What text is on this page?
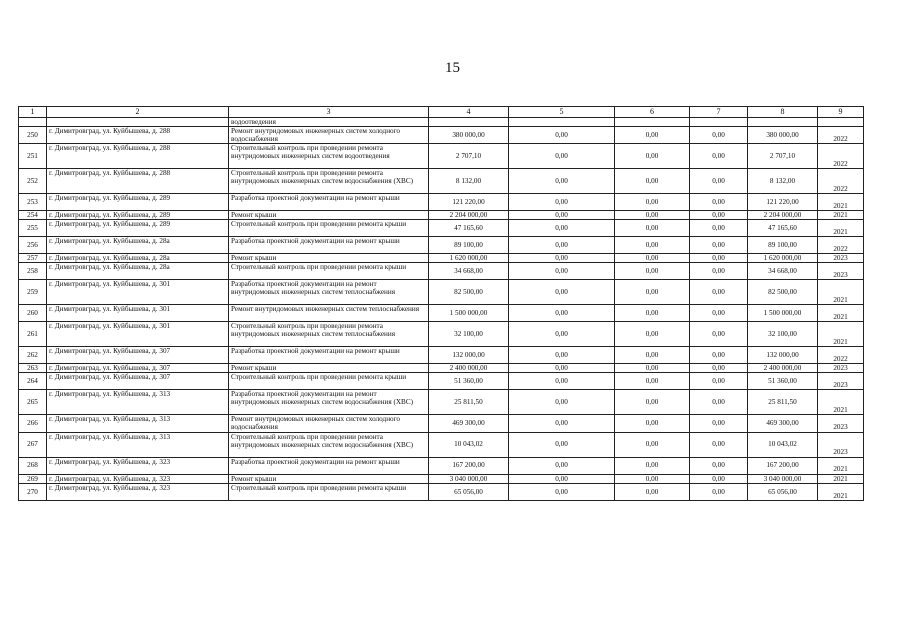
15
1	2	3	4	5	6	7	8	9
		водоотведения						
250	г. Димитровград, ул. Куйбышева, д. 288	Ремонт внутридомовых инженерных систем холодного водоснабжения	380 000,00	0,00	0,00	0,00	380 000,00	2022
251	г. Димитровград, ул. Куйбышева, д. 288	Строительный контроль при проведении ремонта внутридомовых инженерных систем водоотведения	2 707,10	0,00	0,00	0,00	2 707,10	2022
252	г. Димитровград, ул. Куйбышева, д. 288	Строительный контроль при проведении ремонта внутридомовых инженерных систем водоснабжения (ХВС)	8 132,00	0,00	0,00	0,00	8 132,00	2022
253	г. Димитровград, ул. Куйбышева, д. 289	Разработка проектной документации на ремонт крыши	121 220,00	0,00	0,00	0,00	121 220,00	2021
254	г. Димитровград, ул. Куйбышева, д. 289	Ремонт крыши	2 204 000,00	0,00	0,00	0,00	2 204 000,00	2021
255	г. Димитровград, ул. Куйбышева, д. 289	Строительный контроль при проведении ремонта крыши	47 165,60	0,00	0,00	0,00	47 165,60	2021
256	г. Димитровград, ул. Куйбышева, д. 28а	Разработка проектной документации на ремонт крыши	89 100,00	0,00	0,00	0,00	89 100,00	2022
257	г. Димитровград, ул. Куйбышева, д. 28а	Ремонт крыши	1 620 000,00	0,00	0,00	0,00	1 620 000,00	2023
258	г. Димитровград, ул. Куйбышева, д. 28а	Строительный контроль при проведении ремонта крыши	34 668,00	0,00	0,00	0,00	34 668,00	2023
259	г. Димитровград, ул. Куйбышева, д. 301	Разработка проектной документации на ремонт внутридомовых инженерных систем теплоснабжения	82 500,00	0,00	0,00	0,00	82 500,00	2021
260	г. Димитровград, ул. Куйбышева, д. 301	Ремонт внутридомовых инженерных систем теплоснабжения	1 500 000,00	0,00	0,00	0,00	1 500 000,00	2021
261	г. Димитровград, ул. Куйбышева, д. 301	Строительный контроль при проведении ремонта внутридомовых инженерных систем теплоснабжения	32 100,00	0,00	0,00	0,00	32 100,00	2021
262	г. Димитровград, ул. Куйбышева, д. 307	Разработка проектной документации на ремонт крыши	132 000,00	0,00	0,00	0,00	132 000,00	2022
263	г. Димитровград, ул. Куйбышева, д. 307	Ремонт крыши	2 400 000,00	0,00	0,00	0,00	2 400 000,00	2023
264	г. Димитровград, ул. Куйбышева, д. 307	Строительный контроль при проведении ремонта крыши	51 360,00	0,00	0,00	0,00	51 360,00	2023
265	г. Димитровград, ул. Куйбышева, д. 313	Разработка проектной документации на ремонт внутридомовых инженерных систем водоснабжения (ХВС)	25 811,50	0,00	0,00	0,00	25 811,50	2021
266	г. Димитровград, ул. Куйбышева, д. 313	Ремонт внутридомовых инженерных систем холодного водоснабжения	469 300,00	0,00	0,00	0,00	469 300,00	2023
267	г. Димитровград, ул. Куйбышева, д. 313	Строительный контроль при проведении ремонта внутридомовых инженерных систем водоснабжения (ХВС)	10 043,02	0,00	0,00	0,00	10 043,02	2023
268	г. Димитровград, ул. Куйбышева, д. 323	Разработка проектной документации на ремонт крыши	167 200,00	0,00	0,00	0,00	167 200,00	2021
269	г. Димитровград, ул. Куйбышева, д. 323	Ремонт крыши	3 040 000,00	0,00	0,00	0,00	3 040 000,00	2021
270	г. Димитровград, ул. Куйбышева, д. 323	Строительный контроль при проведении ремонта крыши	65 056,00	0,00	0,00	0,00	65 056,00	2021
